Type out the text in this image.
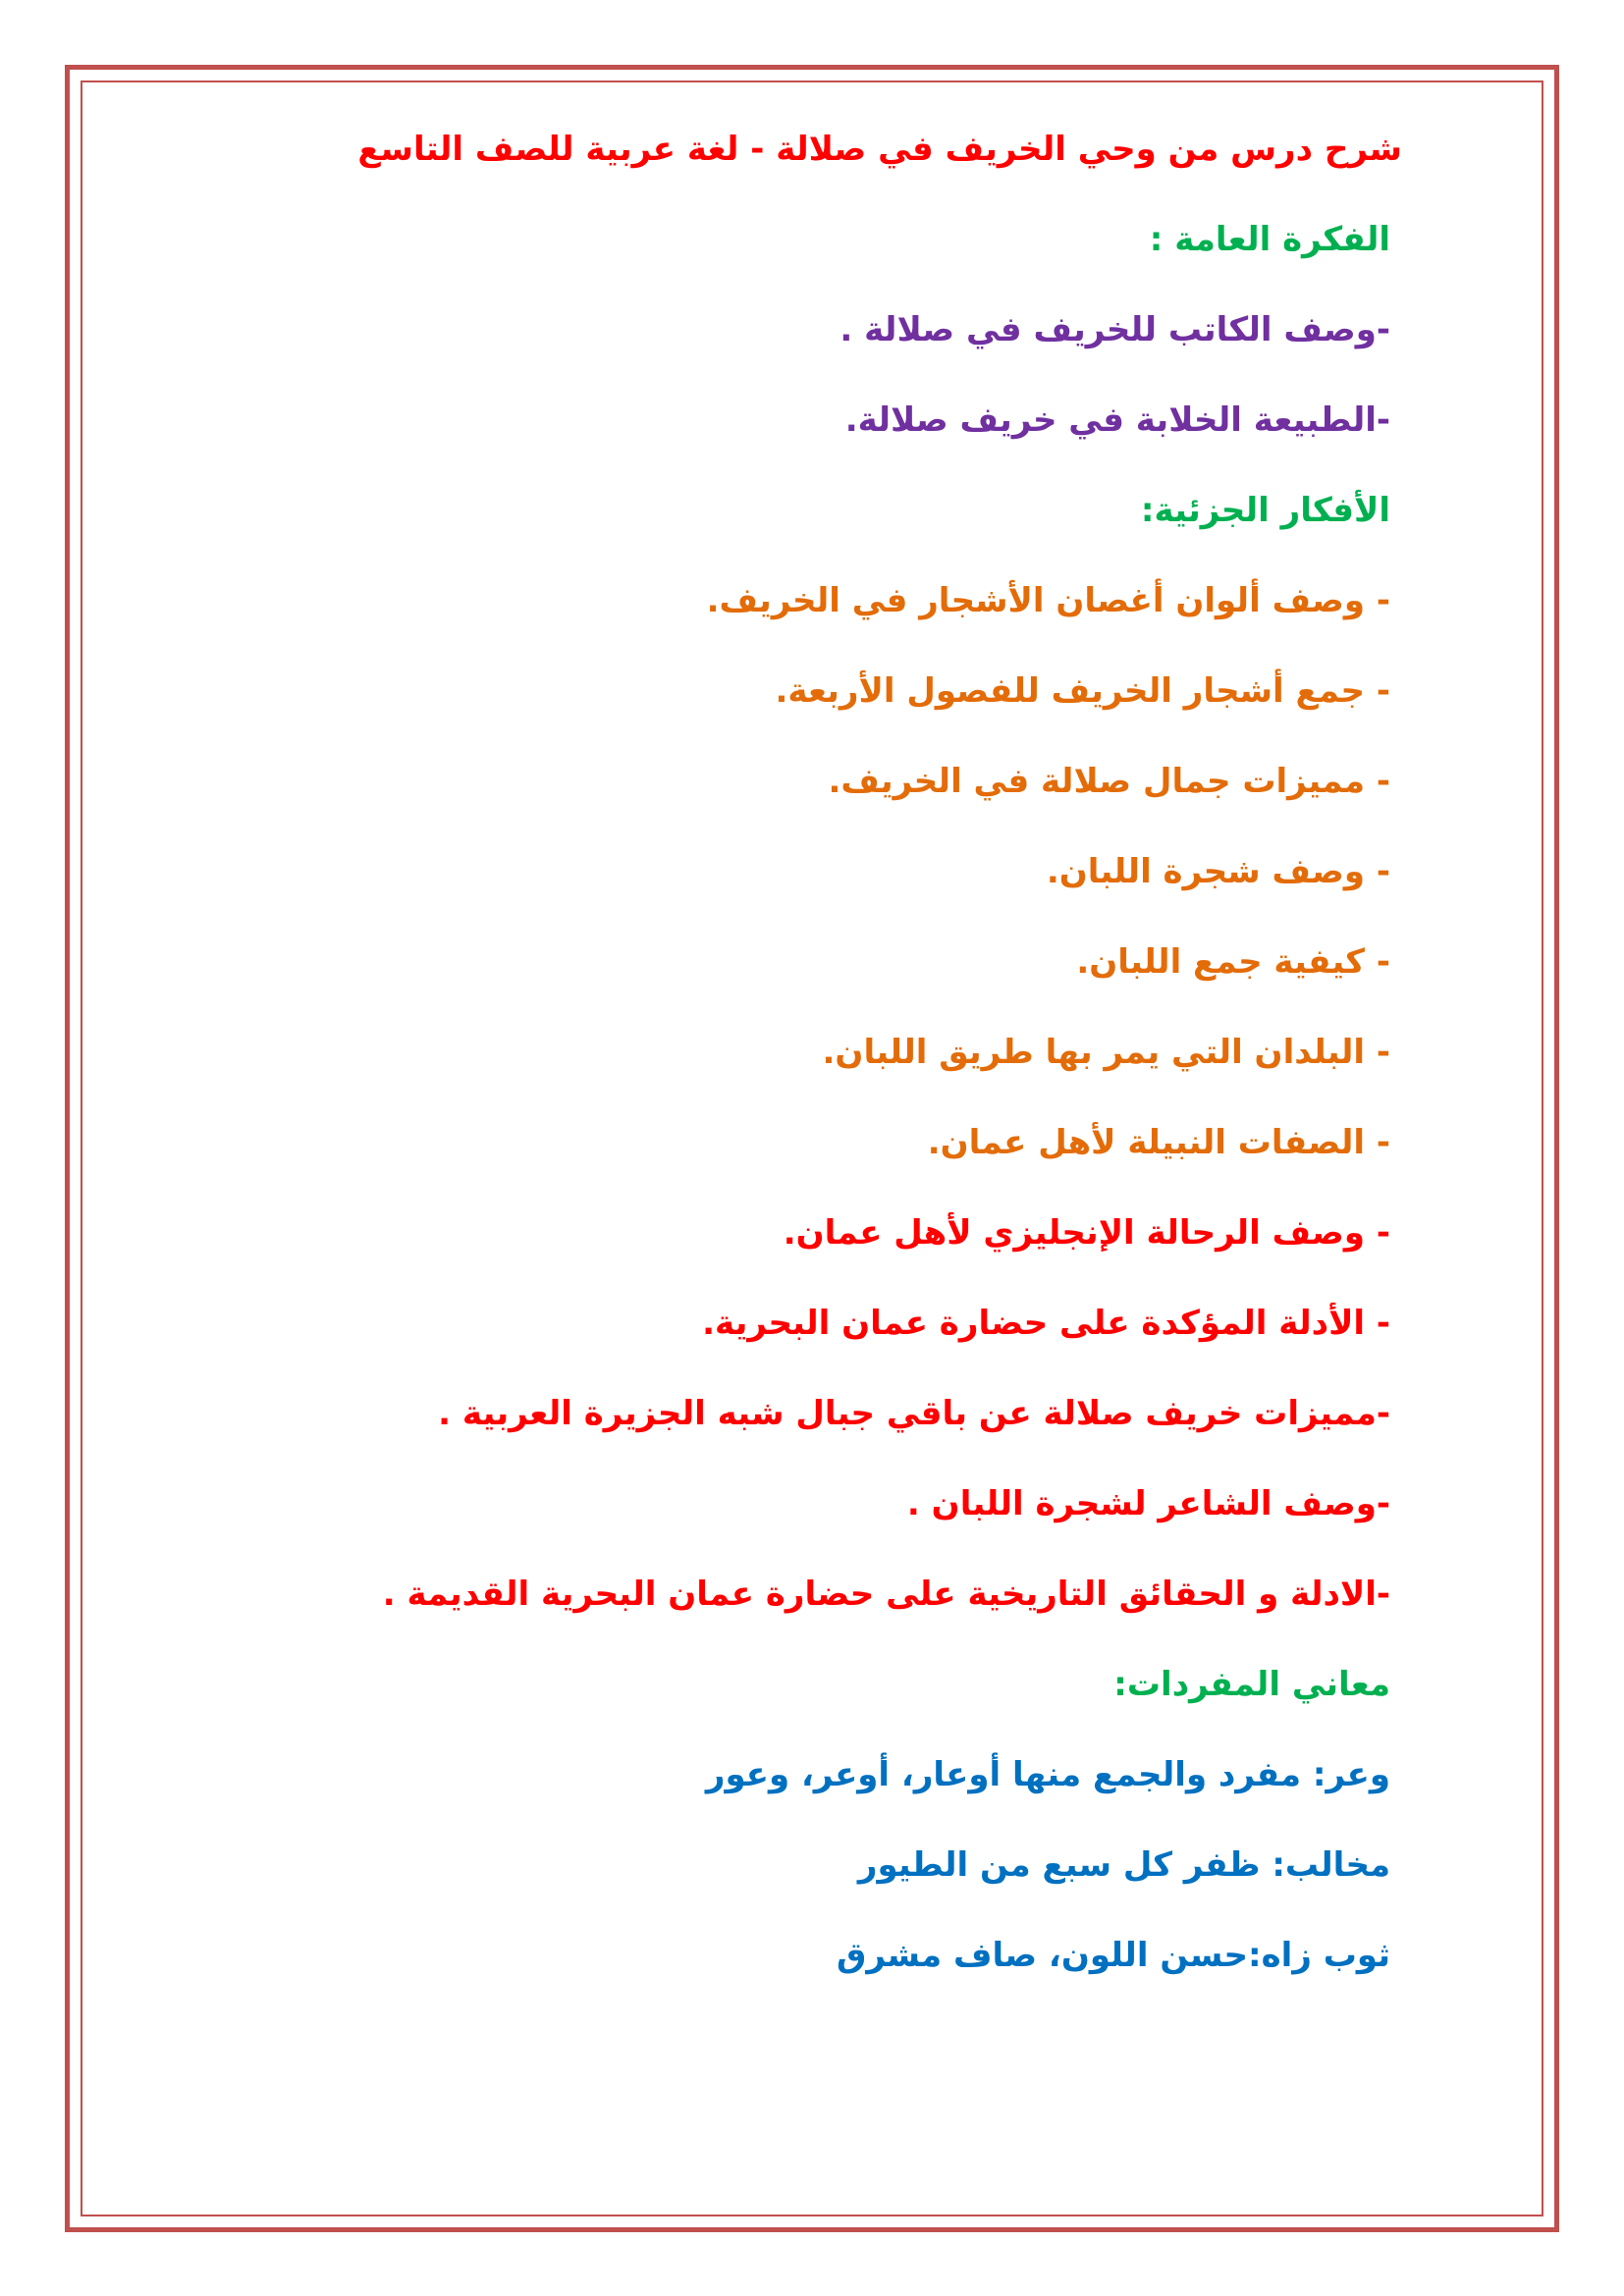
شرح درس من وحي الخريف في صلالة - لغة عربية للصف التاسع
الفكرة العامة :
-وصف الكاتب للخريف في صلالة .
-الطبيعة الخلابة في خريف صلالة.
الأفكار الجزئية:
- وصف ألوان أغصان الأشجار في الخريف.
- جمع أشجار الخريف للفصول الأربعة.
- مميزات جمال صلالة في الخريف.
- وصف شجرة اللبان.
- كيفية جمع اللبان.
- البلدان التي يمر بها طريق اللبان.
- الصفات النبيلة لأهل عمان.
- وصف الرحالة الإنجليزي لأهل عمان.
- الأدلة المؤكدة على حضارة عمان البحرية.
-مميزات خريف صلالة عن باقي جبال شبه الجزيرة العربية .
-وصف الشاعر لشجرة اللبان .
-الادلة و الحقائق التاريخية على حضارة عمان البحرية القديمة .
معاني المفردات:
وعر: مفرد والجمع منها أوعار، أوعر، وعور
مخالب: ظفر كل سبع من الطيور
ثوب زاه:حسن اللون، صاف مشرق
